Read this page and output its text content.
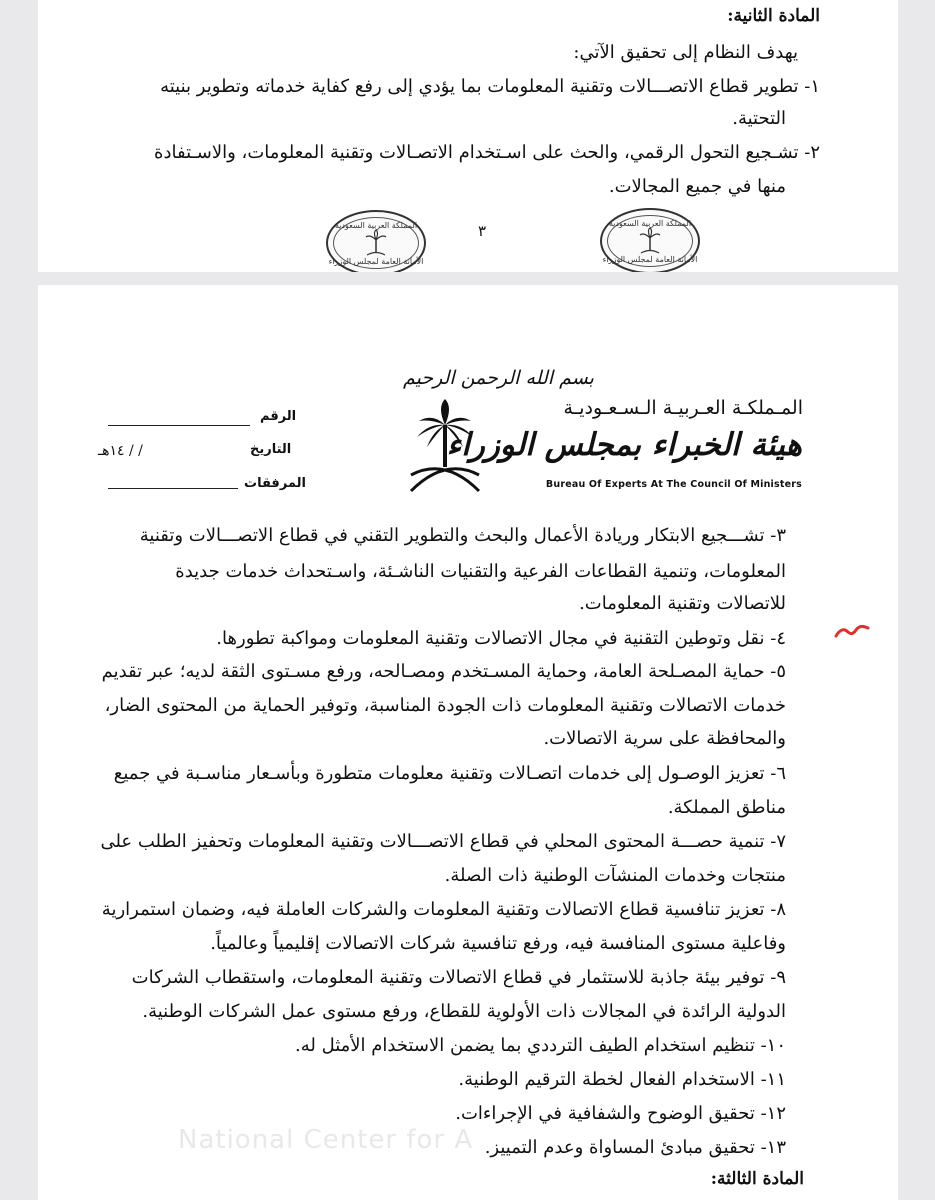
المادة الثانية:
يهدف النظام إلى تحقيق الآتي:
١- تطوير قطاع الاتصـــالات وتقنية المعلومات بما يؤدي إلى رفع كفاية خدماته وتطوير بنيته
التحتية.
٢- تشـجيع التحول الرقمي، والحث على اسـتخدام الاتصـالات وتقنية المعلومات، والاسـتفادة
منها في جميع المجالات.
المملكة العربية السعودية
الأمانة العامة لمجلس الوزراء
٣	المملكة العربية السعودية
الأمانة العامة لمجلس الوزراء
بسم الله الرحمن الرحيم
المـملكـة العـربيـة الـسـعـوديـة
هيئة الخبراء بمجلس الوزراء
Bureau Of Experts At The Council Of Ministers
الرقم
التاريخ
/ / ١٤هـ
المرفقات
National Center for A
٣- تشـــجيع الابتكار وريادة الأعمال والبحث والتطوير التقني في قطاع الاتصـــالات وتقنية
المعلومات، وتنمية القطاعات الفرعية والتقنيات الناشـئة، واسـتحداث خدمات جديدة
للاتصالات وتقنية المعلومات.
٤- نقل وتوطين التقنية في مجال الاتصالات وتقنية المعلومات ومواكبة تطورها.
٥- حماية المصـلحة العامة، وحماية المسـتخدم ومصـالحه، ورفع مسـتوى الثقة لديه؛ عبر تقديم
خدمات الاتصالات وتقنية المعلومات ذات الجودة المناسبة، وتوفير الحماية من المحتوى الضار،
والمحافظة على سرية الاتصالات.
٦- تعزيز الوصـول إلى خدمات اتصـالات وتقنية معلومات متطورة وبأسـعار مناسـبة في جميع
مناطق المملكة.
٧- تنمية حصـــة المحتوى المحلي في قطاع الاتصـــالات وتقنية المعلومات وتحفيز الطلب على
منتجات وخدمات المنشآت الوطنية ذات الصلة.
٨- تعزيز تنافسية قطاع الاتصالات وتقنية المعلومات والشركات العاملة فيه، وضمان استمرارية
وفاعلية مستوى المنافسة فيه، ورفع تنافسية شركات الاتصالات إقليمياً وعالمياً.
٩- توفير بيئة جاذبة للاستثمار في قطاع الاتصالات وتقنية المعلومات، واستقطاب الشركات
الدولية الرائدة في المجالات ذات الأولوية للقطاع، ورفع مستوى عمل الشركات الوطنية.
١٠- تنظيم استخدام الطيف الترددي بما يضمن الاستخدام الأمثل له.
١١- الاستخدام الفعال لخطة الترقيم الوطنية.
١٢- تحقيق الوضوح والشفافية في الإجراءات.
١٣- تحقيق مبادئ المساواة وعدم التمييز.
المادة الثالثة:
